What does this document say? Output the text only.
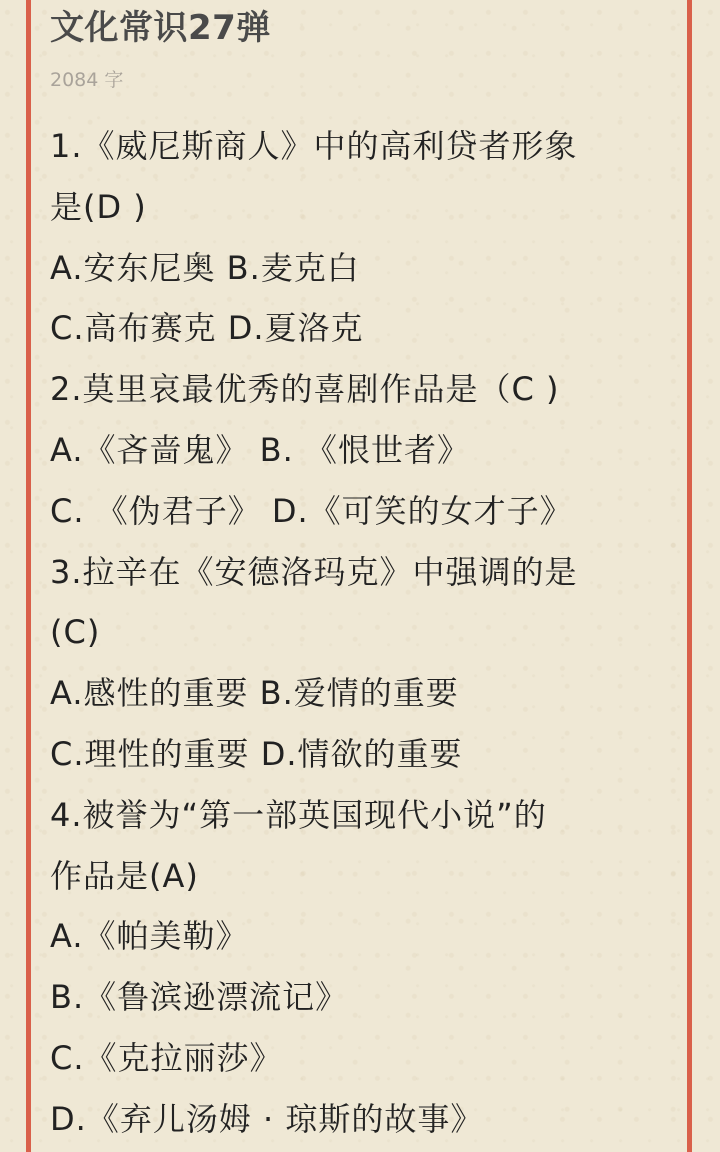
文化常识27弹
2084 字
1.《威尼斯商人》中的高利贷者形象
是(D )
A.安东尼奥 B.麦克白
C.高布赛克 D.夏洛克
2.莫里哀最优秀的喜剧作品是（C )
A.《吝啬鬼》 B. 《恨世者》
C. 《伪君子》 D.《可笑的女才子》
3.拉辛在《安德洛玛克》中强调的是
(C)
A.感性的重要 B.爱情的重要
C.理性的重要 D.情欲的重要
4.被誉为“第一部英国现代小说”的
作品是(A)
A.《帕美勒》
B.《鲁滨逊漂流记》
C.《克拉丽莎》
D.《弃儿汤姆 · 琼斯的故事》
